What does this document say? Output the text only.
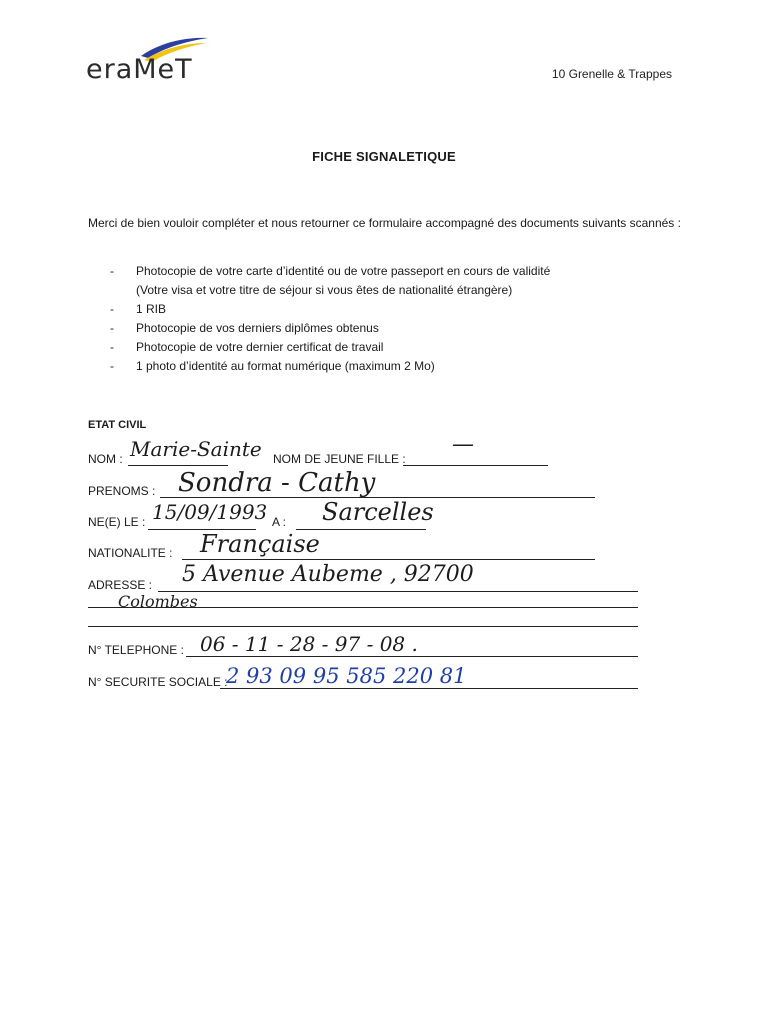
eraMeT	10 Grenelle & Trappes
FICHE SIGNALETIQUE
Merci de bien vouloir compléter et nous retourner ce formulaire accompagné des documents suivants scannés :
- Photocopie de votre carte d’identité ou de votre passeport en cours de validité
(Votre visa et votre titre de séjour si vous êtes de nationalité étrangère)
- 1 RIB
- Photocopie de vos derniers diplômes obtenus
- Photocopie de votre dernier certificat de travail
- 1 photo d’identité au format numérique (maximum 2 Mo)
ETAT CIVIL
NOM : Marie-Sainte NOM DE JEUNE FILLE :
—
PRENOMS : Sondra - Cathy
NE(E) LE : 15/09/1993 A : Sarcelles
NATIONALITE : Française
ADRESSE : 5 Avenue Aubeme , 92700
Colombes
N° TELEPHONE : 06 - 11 - 28 - 97 - 08 .
N° SECURITE SOCIALE :
2 93 09 95 585 220 81
